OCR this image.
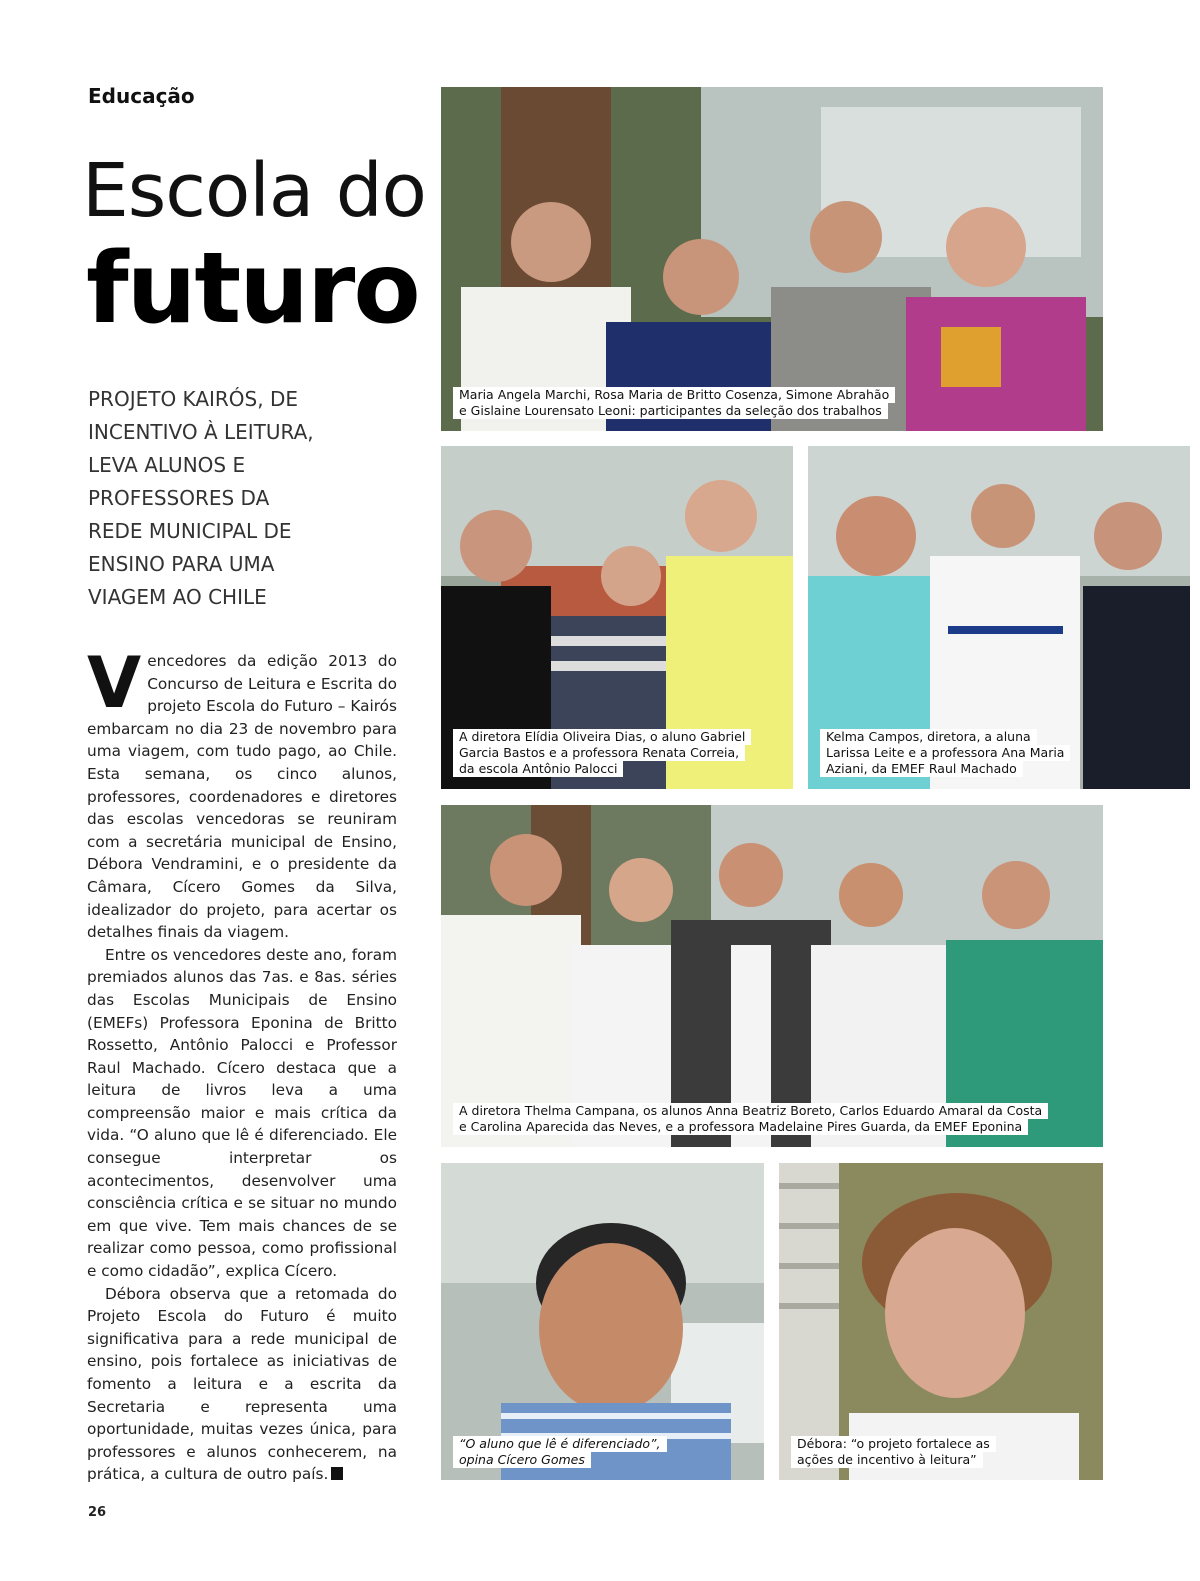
Educação
Escola do
futuro

PROJETO KAIRÓS, DE
INCENTIVO À LEITURA,
LEVA ALUNOS E
PROFESSORES DA
REDE MUNICIPAL DE
ENSINO PARA UMA
VIAGEM AO CHILE

Vencedores da edição 2013 do Concurso de Leitura e Escrita do projeto Escola do Futuro – Kairós embarcam no dia 23 de novembro para uma viagem, com tudo pago, ao Chile. Esta semana, os cinco alunos, professores, coordenadores e diretores das escolas vencedoras se reuniram com a secretária municipal de Ensino, Débora Vendramini, e o presidente da Câmara, Cícero Gomes da Silva, idealizador do projeto, para acertar os detalhes finais da viagem.

Entre os vencedores deste ano, foram premiados alunos das 7as. e 8as. séries das Escolas Municipais de Ensino (EMEFs) Professora Eponina de Britto Rossetto, Antônio Palocci e Professor Raul Machado. Cícero destaca que a leitura de livros leva a uma compreensão maior e mais crítica da vida. “O aluno que lê é diferenciado. Ele consegue interpretar os acontecimentos, desenvolver uma consciência crítica e se situar no mundo em que vive. Tem mais chances de se realizar como pessoa, como profissional e como cidadão”, explica Cícero.

Débora observa que a retomada do Projeto Escola do Futuro é muito significativa para a rede municipal de ensino, pois fortalece as iniciativas de fomento a leitura e a escrita da Secretaria e representa uma oportunidade, muitas vezes única, para professores e alunos conhecerem, na prática, a cultura de outro país.

26
Maria Angela Marchi, Rosa Maria de Britto Cosenza, Simone Abrahão
e Gislaine Lourensato Leoni: participantes da seleção dos trabalhos
A diretora Elídia Oliveira Dias, o aluno Gabriel
Garcia Bastos e a professora Renata Correia,
da escola Antônio Palocci
Kelma Campos, diretora, a aluna
Larissa Leite e a professora Ana Maria
Aziani, da EMEF Raul Machado
A diretora Thelma Campana, os alunos Anna Beatriz Boreto, Carlos Eduardo Amaral da Costa
e Carolina Aparecida das Neves, e a professora Madelaine Pires Guarda, da EMEF Eponina
“O aluno que lê é diferenciado”,
opina Cícero Gomes
Débora: “o projeto fortalece as
ações de incentivo à leitura”
